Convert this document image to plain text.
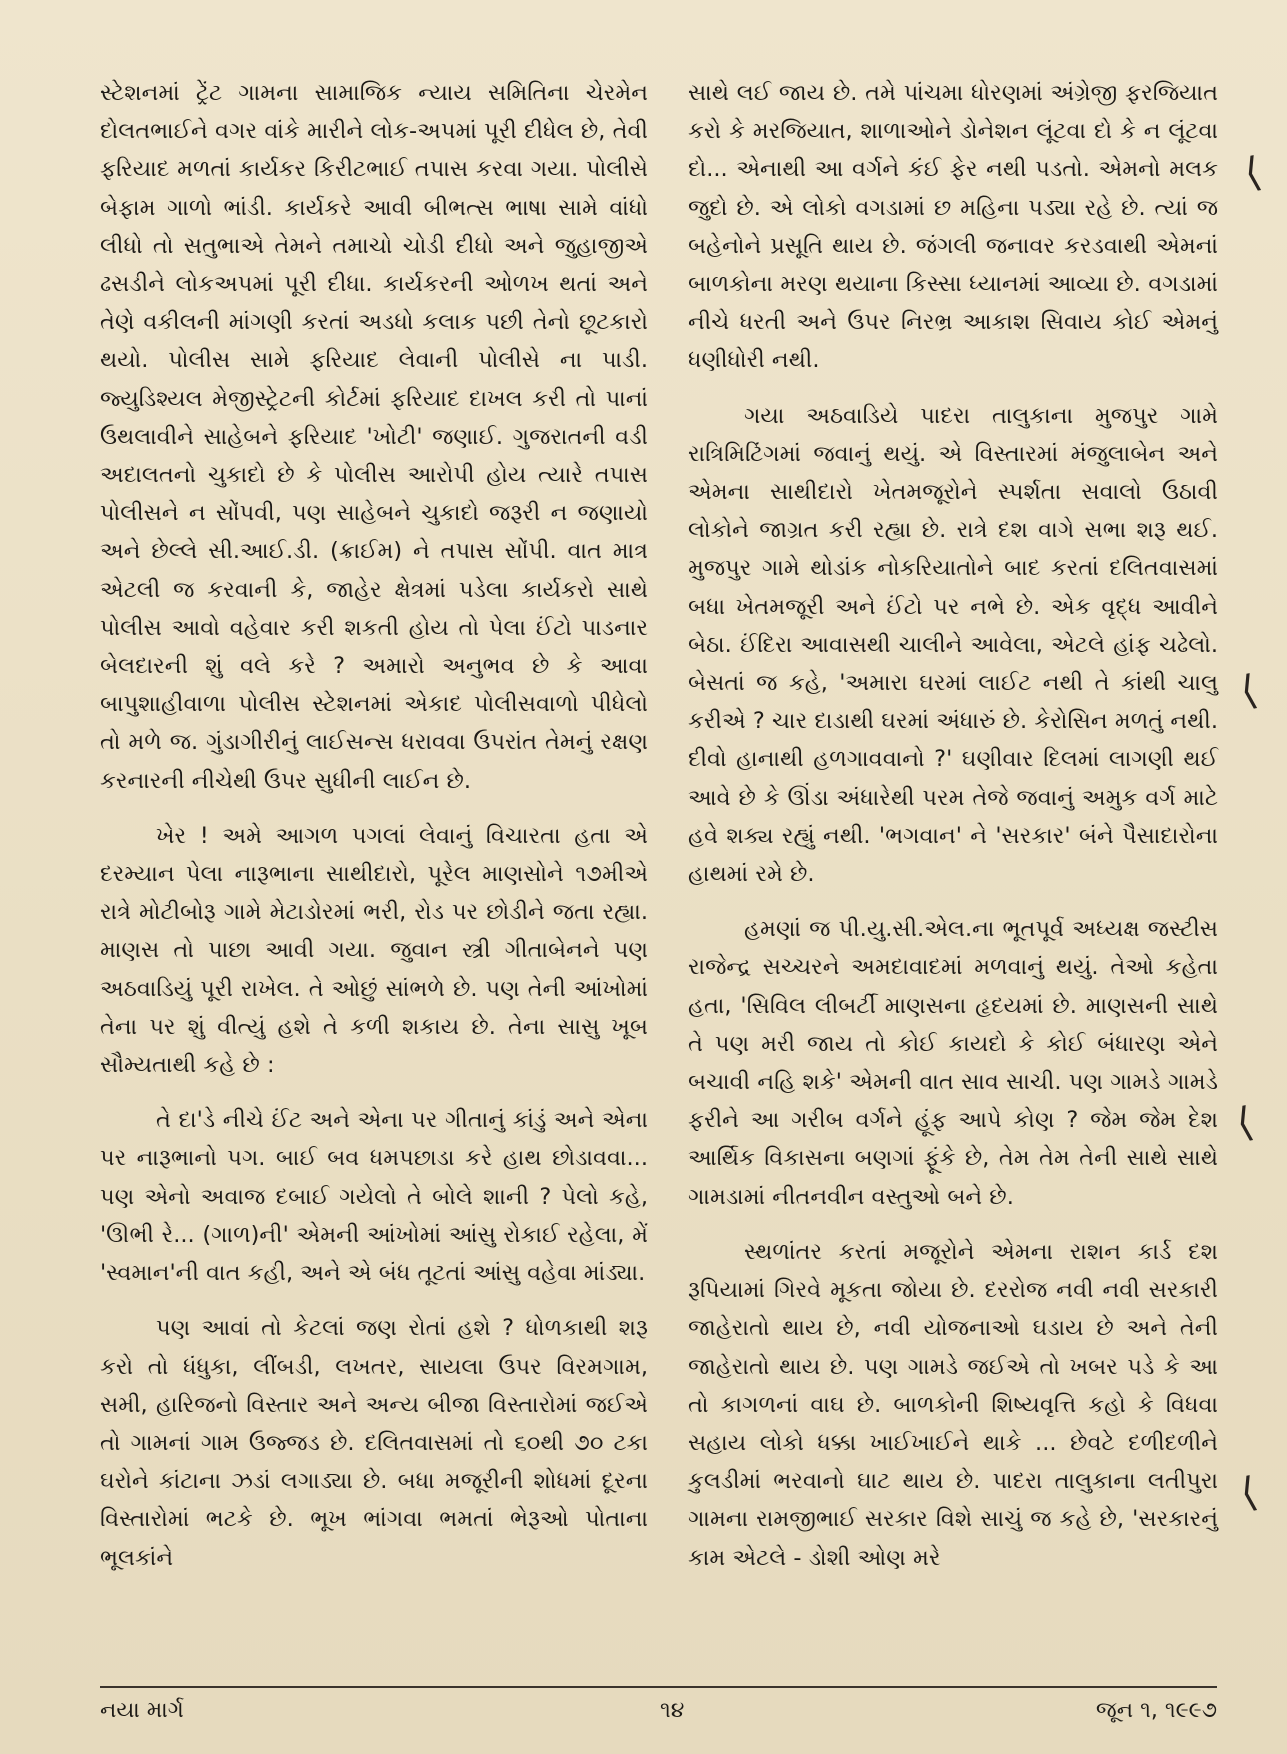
સ્ટેશનમાં ટ્રેંટ ગામના સામાજિક ન્યાય સમિતિના ચેરમેન દોલતભાઈને વગર વાંકે મારીને લોક-અપમાં પૂરી દીધેલ છે, તેવી ફરિયાદ મળતાં કાર્યકર કિરીટભાઈ તપાસ કરવા ગયા. પોલીસે બેફામ ગાળો ભાંડી. કાર્યકરે આવી બીભત્સ ભાષા સામે વાંધો લીધો તો સતુભાએ તેમને તમાચો ચોડી દીધો અને જુહાજીએ ઢસડીને લોકઅપમાં પૂરી દીધા. કાર્યકરની ઓળખ થતાં અને તેણે વકીલની માંગણી કરતાં અડધો કલાક પછી તેનો છૂટકારો થયો. પોલીસ સામે ફરિયાદ લેવાની પોલીસે ના પાડી. જ્યુડિશ્યલ મેજીસ્ટ્રેટની કોર્ટમાં ફરિયાદ દાખલ કરી તો પાનાં ઉથલાવીને સાહેબને ફરિયાદ 'ખોટી' જણાઈ. ગુજરાતની વડી અદાલતનો ચુકાદો છે કે પોલીસ આરોપી હોય ત્યારે તપાસ પોલીસને ન સોંપવી, પણ સાહેબને ચુકાદો જરૂરી ન જણાયો અને છેલ્લે સી.આઈ.ડી. (ક્રાઈમ) ને તપાસ સોંપી. વાત માત્ર એટલી જ કરવાની કે, જાહેર ક્ષેત્રમાં પડેલા કાર્યકરો સાથે પોલીસ આવો વહેવાર કરી શકતી હોય તો પેલા ઈંટો પાડનાર બેલદારની શું વલે કરે ? અમારો અનુભવ છે કે આવા બાપુશાહીવાળા પોલીસ સ્ટેશનમાં એકાદ પોલીસવાળો પીધેલો તો મળે જ. ગુંડાગીરીનું લાઈસન્સ ધરાવવા ઉપરાંત તેમનું રક્ષણ કરનારની નીચેથી ઉપર સુધીની લાઈન છે.

ખેર ! અમે આગળ પગલાં લેવાનું વિચારતા હતા એ દરમ્યાન પેલા નારૂભાના સાથીદારો, પૂરેલ માણસોને ૧૭મીએ રાત્રે મોટીબોરૂ ગામે મેટાડોરમાં ભરી, રોડ પર છોડીને જતા રહ્યા. માણસ તો પાછા આવી ગયા. જુવાન સ્ત્રી ગીતાબેનને પણ અઠવાડિયું પૂરી રાખેલ. તે ઓછું સાંભળે છે. પણ તેની આંખોમાં તેના પર શું વીત્યું હશે તે કળી શકાય છે. તેના સાસુ ખૂબ સૌમ્યતાથી કહે છે :

તે દા'ડે નીચે ઈંટ અને એના પર ગીતાનું કાંડું અને એના પર નારૂભાનો પગ. બાઈ બવ ધમપછાડા કરે હાથ છોડાવવા... પણ એનો અવાજ દબાઈ ગયેલો તે બોલે શાની ? પેલો કહે, 'ઊભી રે... (ગાળ)ની' એમની આંખોમાં આંસુ રોકાઈ રહેલા, મેં 'સ્વમાન'ની વાત કહી, અને એ બંધ તૂટતાં આંસુ વહેવા માંડ્યા.

પણ આવાં તો કેટલાં જણ રોતાં હશે ? ધોળકાથી શરૂ કરો તો ધંધુકા, લીંબડી, લખતર, સાયલા ઉપર વિરમગામ, સમી, હારિજનો વિસ્તાર અને અન્ય બીજા વિસ્તારોમાં જઈએ તો ગામનાં ગામ ઉજ્જડ છે. દલિતવાસમાં તો ૬૦થી ૭૦ ટકા ઘરોને કાંટાના ઝડાં લગાડ્યા છે. બધા મજૂરીની શોધમાં દૂરના વિસ્તારોમાં ભટકે છે. ભૂખ ભાંગવા ભમતાં ભેરૂઓ પોતાના ભૂલકાંને

સાથે લઈ જાય છે. તમે પાંચમા ધોરણમાં અંગ્રેજી ફરજિયાત કરો કે મરજિયાત, શાળાઓને ડોનેશન લૂંટવા દો કે ન લૂંટવા દો... એનાથી આ વર્ગને કંઈ ફેર નથી પડતો. એમનો મલક જુદો છે. એ લોકો વગડામાં છ મહિના પડ્યા રહે છે. ત્યાં જ બહેનોને પ્રસૂતિ થાય છે. જંગલી જનાવર કરડવાથી એમનાં બાળકોના મરણ થયાના કિસ્સા ધ્યાનમાં આવ્યા છે. વગડામાં નીચે ધરતી અને ઉપર નિરભ્ર આકાશ સિવાય કોઈ એમનું ધણીધોરી નથી.

ગયા અઠવાડિયે પાદરા તાલુકાના મુજપુર ગામે રાત્રિમિટિંગમાં જવાનું થયું. એ વિસ્તારમાં મંજુલાબેન અને એમના સાથીદારો ખેતમજૂરોને સ્પર્શતા સવાલો ઉઠાવી લોકોને જાગ્રત કરી રહ્યા છે. રાત્રે દશ વાગે સભા શરૂ થઈ. મુજપુર ગામે થોડાંક નોકરિયાતોને બાદ કરતાં દલિતવાસમાં બધા ખેતમજૂરી અને ઈંટો પર નભે છે. એક વૃદ્ધ આવીને બેઠા. ઈંદિરા આવાસથી ચાલીને આવેલા, એટલે હાંફ ચઢેલો. બેસતાં જ કહે, 'અમારા ઘરમાં લાઈટ નથી તે કાંથી ચાલુ કરીએ ? ચાર દાડાથી ઘરમાં અંધારું છે. કેરોસિન મળતું નથી. દીવો હાનાથી હળગાવવાનો ?' ઘણીવાર દિલમાં લાગણી થઈ આવે છે કે ઊંડા અંધારેથી પરમ તેજે જવાનું અમુક વર્ગ માટે હવે શક્ય રહ્યું નથી. 'ભગવાન' ને 'સરકાર' બંને પૈસાદારોના હાથમાં રમે છે.

હમણાં જ પી.યુ.સી.એલ.ના ભૂતપૂર્વ અધ્યક્ષ જસ્ટીસ રાજેન્દ્ર સચ્ચરને અમદાવાદમાં મળવાનું થયું. તેઓ કહેતા હતા, 'સિવિલ લીબર્ટી માણસના હૃદયમાં છે. માણસની સાથે તે પણ મરી જાય તો કોઈ કાયદો કે કોઈ બંધારણ એને બચાવી નહિ શકે' એમની વાત સાવ સાચી. પણ ગામડે ગામડે ફરીને આ ગરીબ વર્ગને હૂંફ આપે કોણ ? જેમ જેમ દેશ આર્થિક વિકાસના બણગાં ફૂંકે છે, તેમ તેમ તેની સાથે સાથે ગામડામાં નીતનવીન વસ્તુઓ બને છે.

સ્થળાંતર કરતાં મજૂરોને એમના રાશન કાર્ડ દશ રૂપિયામાં ગિરવે મૂકતા જોયા છે. દરરોજ નવી નવી સરકારી જાહેરાતો થાય છે, નવી યોજનાઓ ઘડાય છે અને તેની જાહેરાતો થાય છે. પણ ગામડે જઈએ તો ખબર પડે કે આ તો કાગળનાં વાઘ છે. બાળકોની શિષ્યવૃત્તિ કહો કે વિધવા સહાય લોકો ધક્કા ખાઈખાઈને થાકે ... છેવટે દળીદળીને કુલડીમાં ભરવાનો ઘાટ થાય છે. પાદરા તાલુકાના લતીપુરા ગામના રામજીભાઈ સરકાર વિશે સાચું જ કહે છે, 'સરકારનું કામ એટલે - ડોશી ઓણ મરે

⟨
⟨
⟨
⟨
નયા માર્ગ	૧૪	જૂન ૧, ૧૯૯૭
